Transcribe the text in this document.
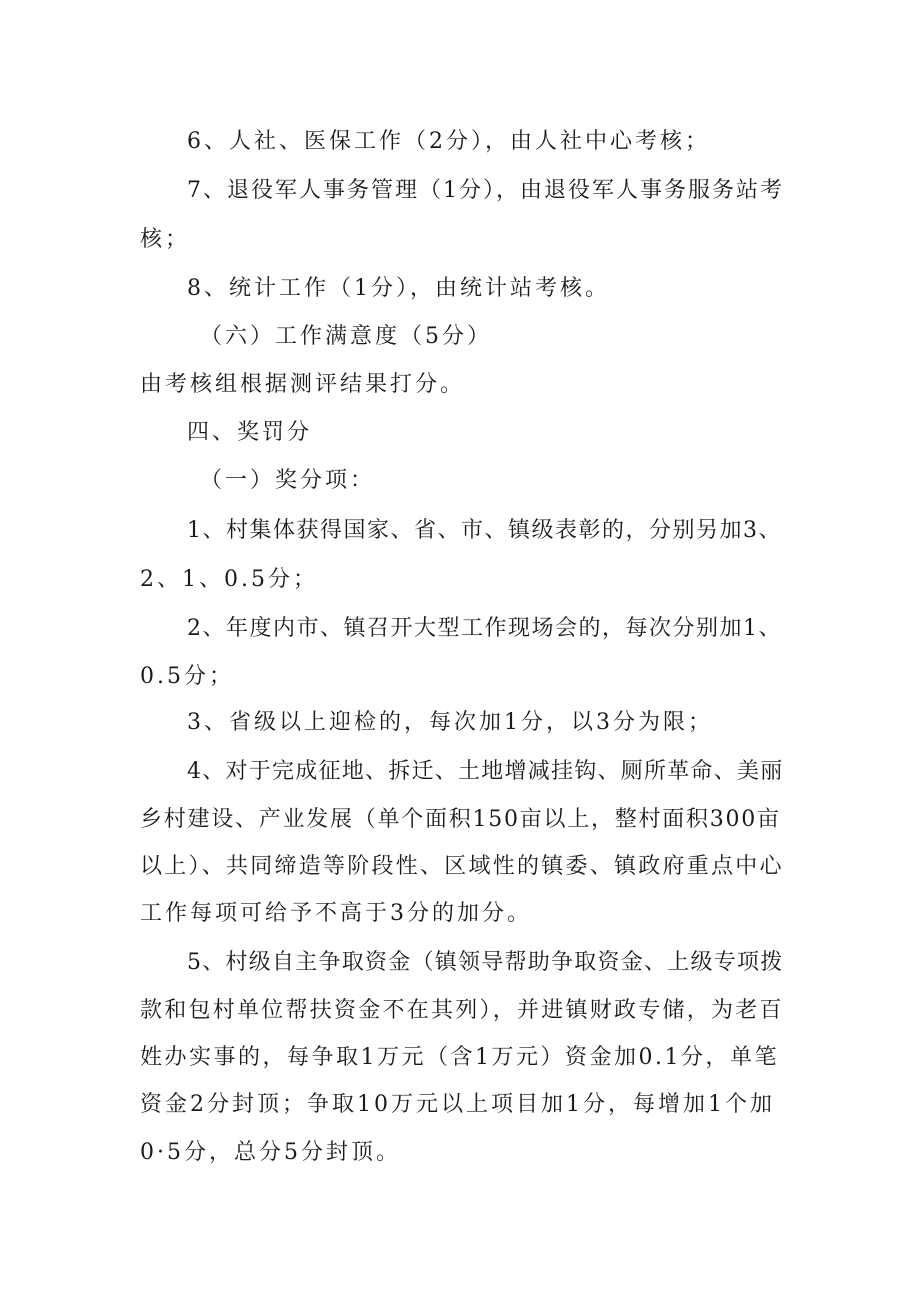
6、人社、医保工作（2分），由人社中心考核；
7、退役军人事务管理（1分），由退役军人事务服务站考
核；
8、统计工作（1分），由统计站考核。
（六）工作满意度（5分）
由考核组根据测评结果打分。
四、奖罚分
（一）奖分项：
1、村集体获得国家、省、市、镇级表彰的，分别另加3、
2、1、0.5分；
2、年度内市、镇召开大型工作现场会的，每次分别加1、
0.5分；
3、省级以上迎检的，每次加1分，以3分为限；
4、对于完成征地、拆迁、土地增减挂钩、厕所革命、美丽
乡村建设、产业发展（单个面积150亩以上，整村面积300亩
以上）、共同缔造等阶段性、区域性的镇委、镇政府重点中心
工作每项可给予不高于3分的加分。
5、村级自主争取资金（镇领导帮助争取资金、上级专项拨
款和包村单位帮扶资金不在其列），并进镇财政专储，为老百
姓办实事的，每争取1万元（含1万元）资金加0.1分，单笔
资金2分封顶；争取10万元以上项目加1分，每增加1个加
0·5分，总分5分封顶。
